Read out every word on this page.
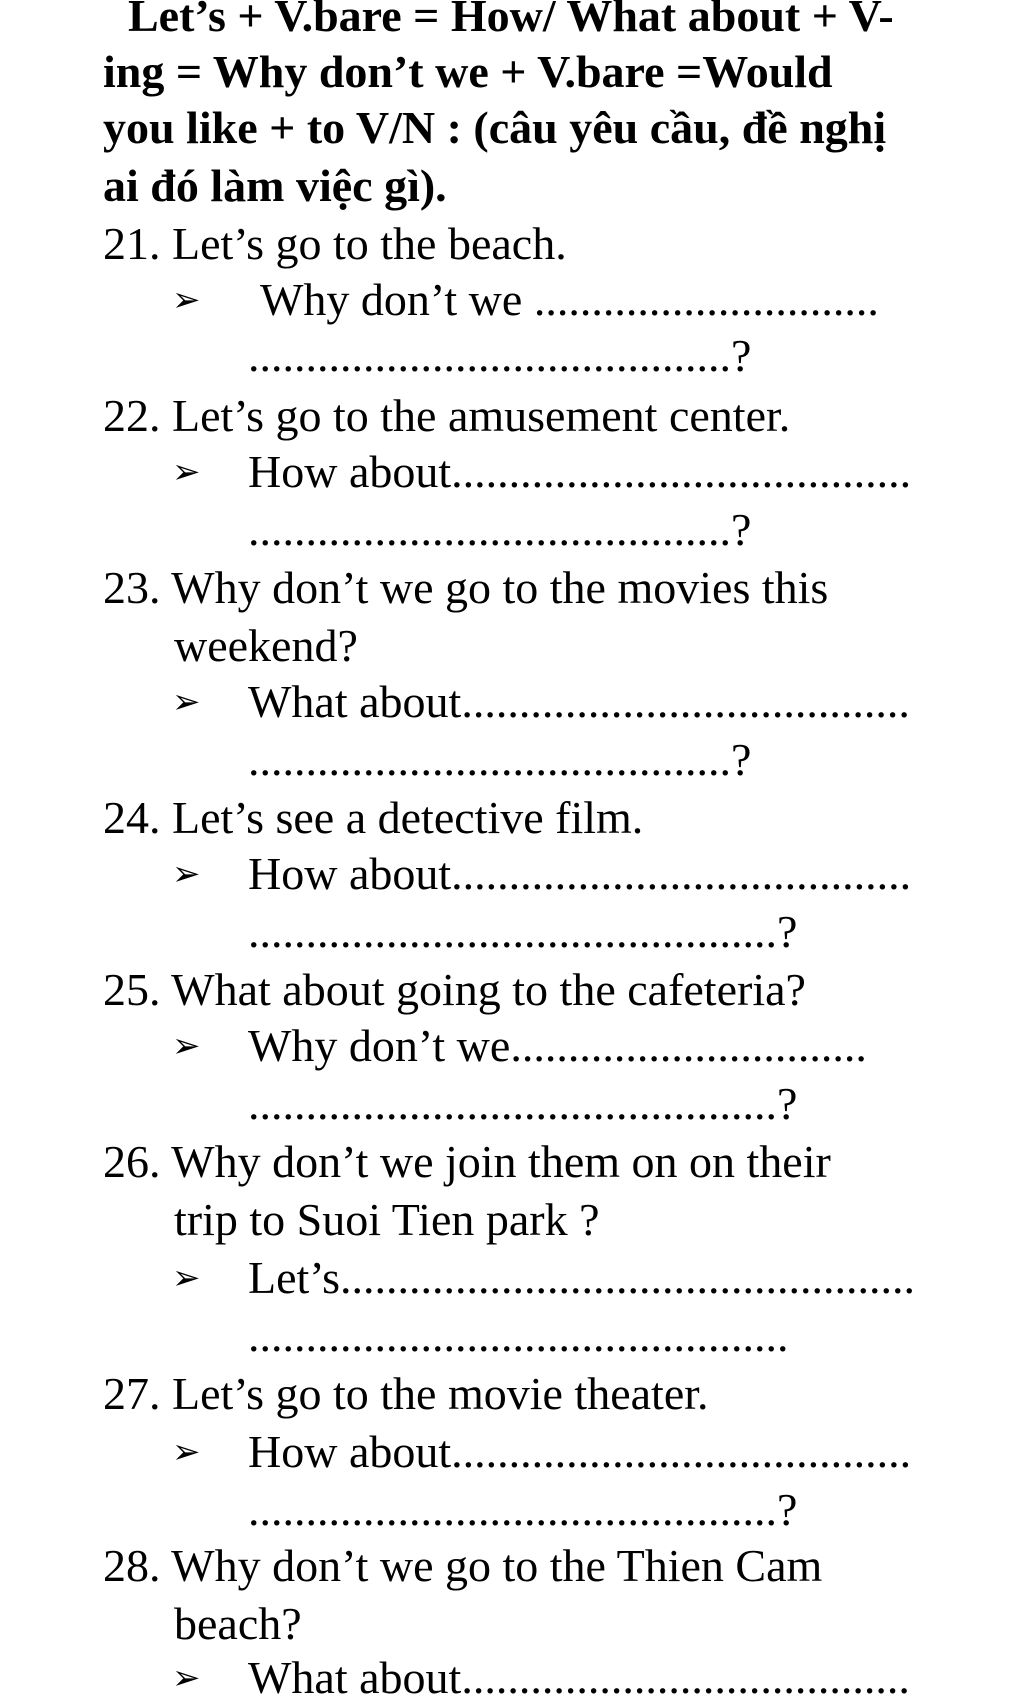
Let’s + V.bare = How/ What about + V-
ing = Why don’t we + V.bare =Would
you like + to V/N : (câu yêu cầu, đề nghị
ai đó làm việc gì).
21. Let’s go to the beach.
➢ Why don’t we ..............................
..........................................?
22. Let’s go to the amusement center.
➢ How about........................................
..........................................?
23. Why don’t we go to the movies this
weekend?
➢ What about.......................................
..........................................?
24. Let’s see a detective film.
➢ How about........................................
..............................................?
25. What about going to the cafeteria?
➢ Why don’t we...............................
..............................................?
26. Why don’t we join them on on their
trip to Suoi Tien park ?
➢ Let’s..................................................
...............................................
27. Let’s go to the movie theater.
➢ How about........................................
..............................................?
28. Why don’t we go to the Thien Cam
beach?
➢ What about.......................................
